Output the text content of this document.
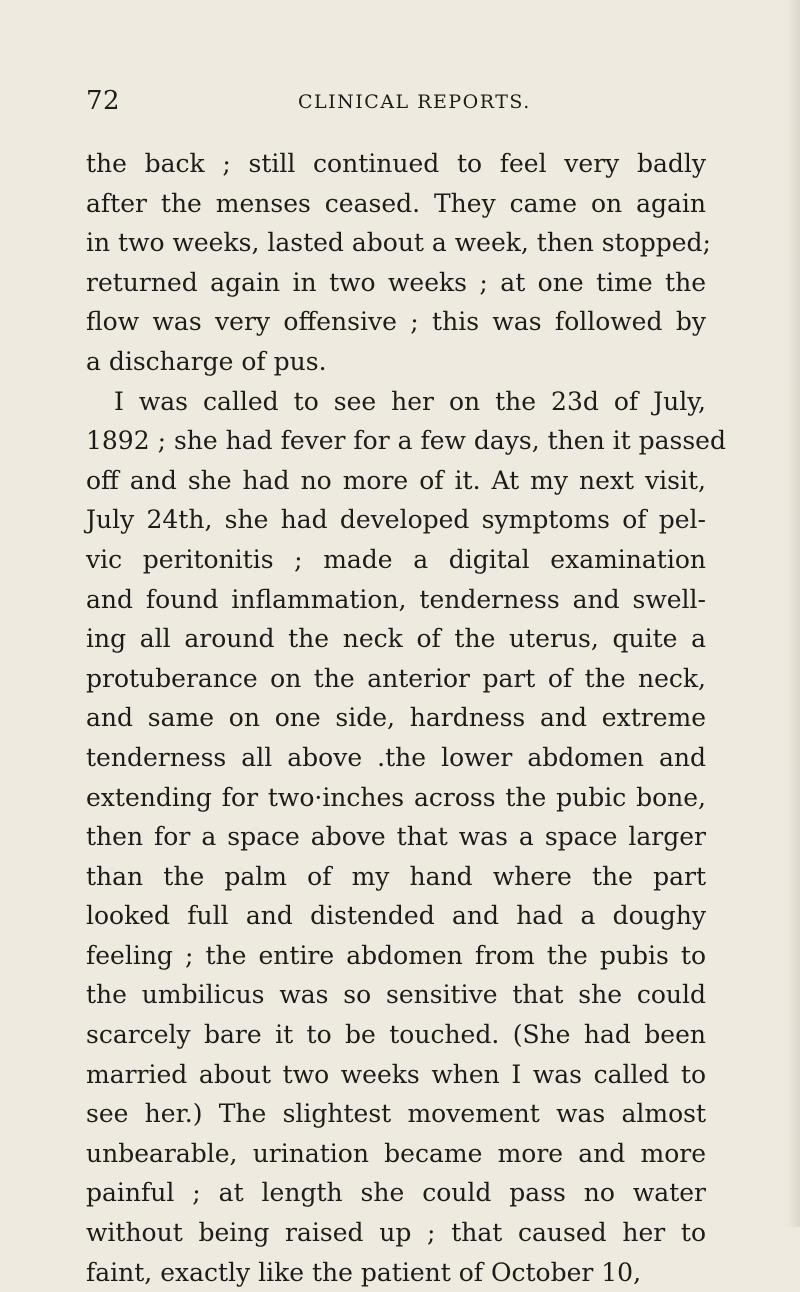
72	CLINICAL REPORTS.
the back ; still continued to feel very badly
after the menses ceased. They came on again
in two weeks, lasted about a week, then stopped;
returned again in two weeks ; at one time the
flow was very offensive ; this was followed by
a discharge of pus.
I was called to see her on the 23d of July,
1892 ; she had fever for a few days, then it passed
off and she had no more of it. At my next visit,
July 24th, she had developed symptoms of pel-
vic peritonitis ; made a digital examination
and found inflammation, tenderness and swell-
ing all around the neck of the uterus, quite a
protuberance on the anterior part of the neck,
and same on one side, hardness and extreme
tenderness all above .the lower abdomen and
extending for two·inches across the pubic bone,
then for a space above that was a space larger
than the palm of my hand where the part
looked full and distended and had a doughy
feeling ; the entire abdomen from the pubis to
the umbilicus was so sensitive that she could
scarcely bare it to be touched. (She had been
married about two weeks when I was called to
see her.) The slightest movement was almost
unbearable, urination became more and more
painful ; at length she could pass no water
without being raised up ; that caused her to
faint, exactly like the patient of October 10,
